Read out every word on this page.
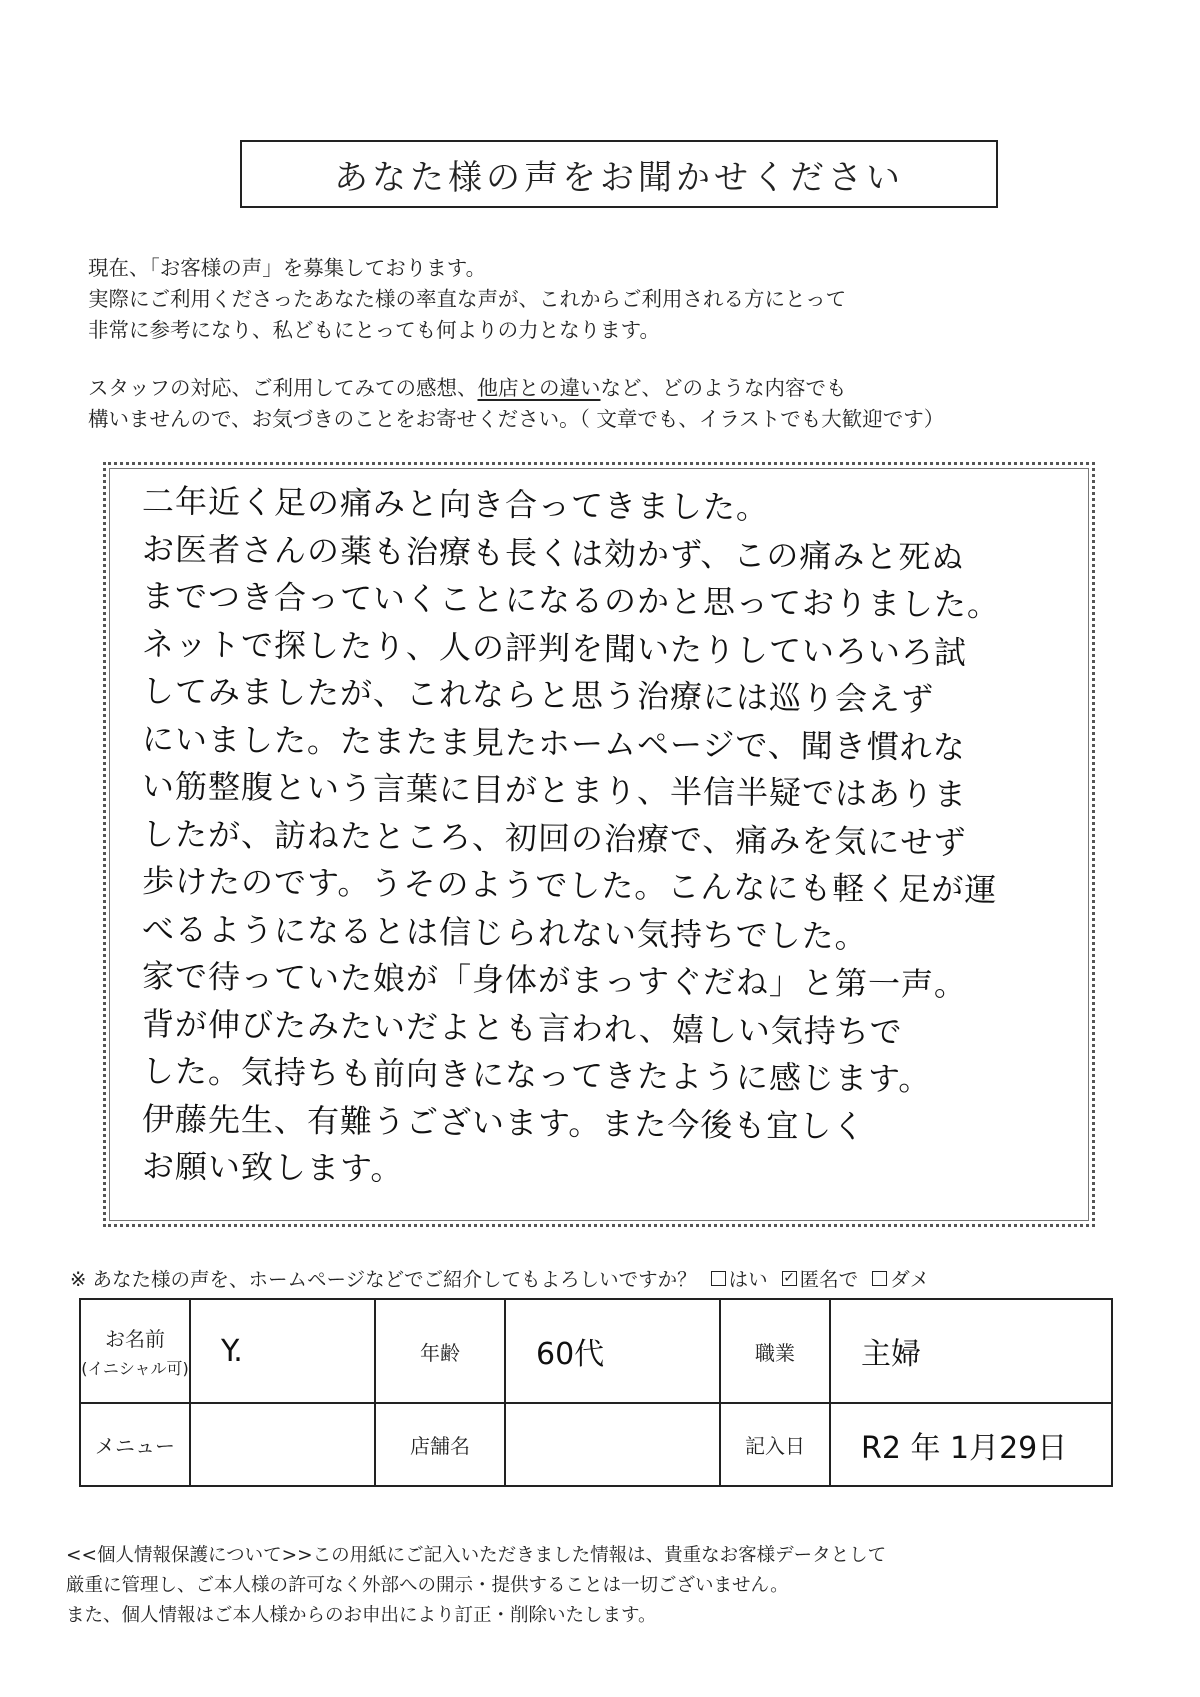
あなた様の声をお聞かせください

現在、「お客様の声」を募集しております。

実際にご利用くださったあなた様の率直な声が、これからご利用される方にとって

非常に参考になり、私どもにとっても何よりの力となります。

スタッフの対応、ご利用してみての感想、他店との違いなど、どのような内容でも

構いませんので、お気づきのことをお寄せください。（ 文章でも、イラストでも大歓迎です）

二年近く足の痛みと向き合ってきました。
お医者さんの薬も治療も長くは効かず、この痛みと死ぬ
までつき合っていくことになるのかと思っておりました。
ネットで探したり、人の評判を聞いたりしていろいろ試
してみましたが、これならと思う治療には巡り会えず
にいました。たまたま見たホームページで、聞き慣れな
い筋整腹という言葉に目がとまり、半信半疑ではありま
したが、訪ねたところ、初回の治療で、痛みを気にせず
歩けたのです。うそのようでした。こんなにも軽く足が運
べるようになるとは信じられない気持ちでした。
家で待っていた娘が「身体がまっすぐだね」と第一声。
背が伸びたみたいだよとも言われ、嬉しい気持ちで
した。気持ちも前向きになってきたように感じます。
伊藤先生、有難うございます。また今後も宜しく
お願い致します。
※ あなた様の声を、ホームページなどでご紹介してもよろしいですか？ はい ✓ 匿名で ダメ
お名前
(イニシャル可)	Y.	年齢	60代	職業	主婦
メニュー		店舗名		記入日	R2 年 1月29日

<<個人情報保護について>>この用紙にご記入いただきました情報は、貴重なお客様データとして

厳重に管理し、ご本人様の許可なく外部への開示・提供することは一切ございません。

また、個人情報はご本人様からのお申出により訂正・削除いたします。
